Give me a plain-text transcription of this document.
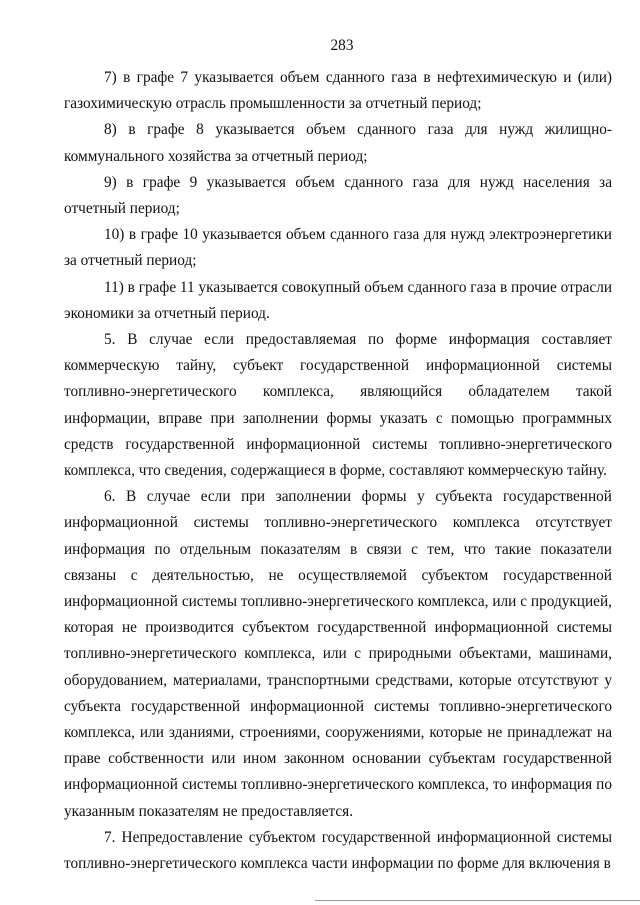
283

7) в графе 7 указывается объем сданного газа в нефтехимическую и (или) газохимическую отрасль промышленности за отчетный период;

8) в графе 8 указывается объем сданного газа для нужд жилищно-коммунального хозяйства за отчетный период;

9) в графе 9 указывается объем сданного газа для нужд населения за отчетный период;

10) в графе 10 указывается объем сданного газа для нужд электроэнергетики за отчетный период;

11) в графе 11 указывается совокупный объем сданного газа в прочие отрасли экономики за отчетный период.

5. В случае если предоставляемая по форме информация составляет коммерческую тайну, субъект государственной информационной системы топливно-энергетического комплекса, являющийся обладателем такой информации, вправе при заполнении формы указать с помощью программных средств государственной информационной системы топливно-энергетического комплекса, что сведения, содержащиеся в форме, составляют коммерческую тайну.

6. В случае если при заполнении формы у субъекта государственной информационной системы топливно-энергетического комплекса отсутствует информация по отдельным показателям в связи с тем, что такие показатели связаны с деятельностью, не осуществляемой субъектом государственной информационной системы топливно-энергетического комплекса, или с продукцией, которая не производится субъектом государственной информационной системы топливно-энергетического комплекса, или с природными объектами, машинами, оборудованием, материалами, транспортными средствами, которые отсутствуют у субъекта государственной информационной системы топливно-энергетического комплекса, или зданиями, строениями, сооружениями, которые не принадлежат на праве собственности или ином законном основании субъектам государственной информационной системы топливно-энергетического комплекса, то информация по указанным показателям не предоставляется.

7. Непредоставление субъектом государственной информационной системы топливно-энергетического комплекса части информации по форме для включения в
